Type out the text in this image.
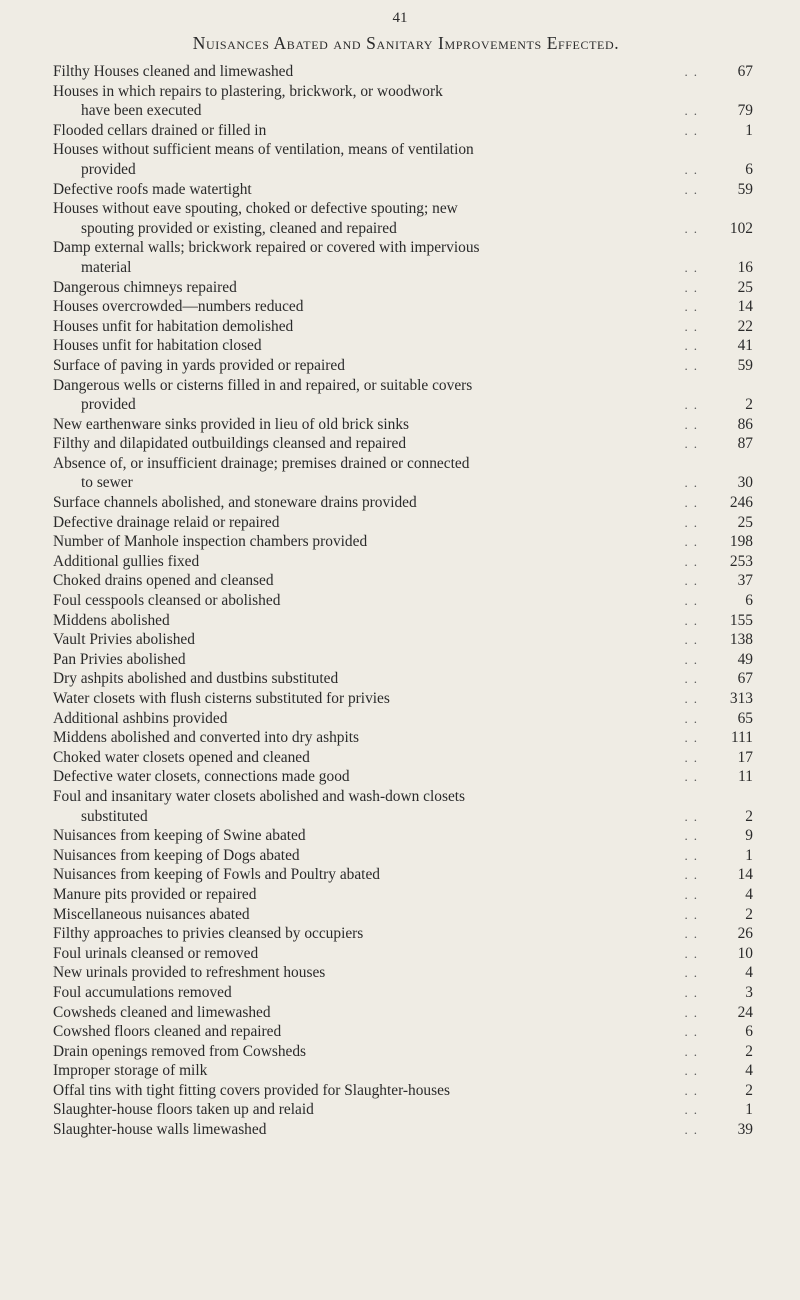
41
Nuisances Abated and Sanitary Improvements Effected.
Filthy Houses cleaned and limewashed	..	67
Houses in which repairs to plastering, brickwork, or woodwork
have been executed	..	79
Flooded cellars drained or filled in	..	1
Houses without sufficient means of ventilation, means of ventilation
provided	..	6
Defective roofs made watertight	..	59
Houses without eave spouting, choked or defective spouting; new
spouting provided or existing, cleaned and repaired	..	102
Damp external walls; brickwork repaired or covered with impervious
material	..	16
Dangerous chimneys repaired	..	25
Houses overcrowded—numbers reduced	..	14
Houses unfit for habitation demolished	..	22
Houses unfit for habitation closed	..	41
Surface of paving in yards provided or repaired	..	59
Dangerous wells or cisterns filled in and repaired, or suitable covers
provided	..	2
New earthenware sinks provided in lieu of old brick sinks	..	86
Filthy and dilapidated outbuildings cleansed and repaired	..	87
Absence of, or insufficient drainage; premises drained or connected
to sewer	..	30
Surface channels abolished, and stoneware drains provided	..	246
Defective drainage relaid or repaired	..	25
Number of Manhole inspection chambers provided	..	198
Additional gullies fixed	..	253
Choked drains opened and cleansed	..	37
Foul cesspools cleansed or abolished	..	6
Middens abolished	..	155
Vault Privies abolished	..	138
Pan Privies abolished	..	49
Dry ashpits abolished and dustbins substituted	..	67
Water closets with flush cisterns substituted for privies	..	313
Additional ashbins provided	..	65
Middens abolished and converted into dry ashpits	..	111
Choked water closets opened and cleaned	..	17
Defective water closets, connections made good	..	11
Foul and insanitary water closets abolished and wash-down closets
substituted	..	2
Nuisances from keeping of Swine abated	..	9
Nuisances from keeping of Dogs abated	..	1
Nuisances from keeping of Fowls and Poultry abated	..	14
Manure pits provided or repaired	..	4
Miscellaneous nuisances abated	..	2
Filthy approaches to privies cleansed by occupiers	..	26
Foul urinals cleansed or removed	..	10
New urinals provided to refreshment houses	..	4
Foul accumulations removed	..	3
Cowsheds cleaned and limewashed	..	24
Cowshed floors cleaned and repaired	..	6
Drain openings removed from Cowsheds	..	2
Improper storage of milk	..	4
Offal tins with tight fitting covers provided for Slaughter-houses	..	2
Slaughter-house floors taken up and relaid	..	1
Slaughter-house walls limewashed	..	39
